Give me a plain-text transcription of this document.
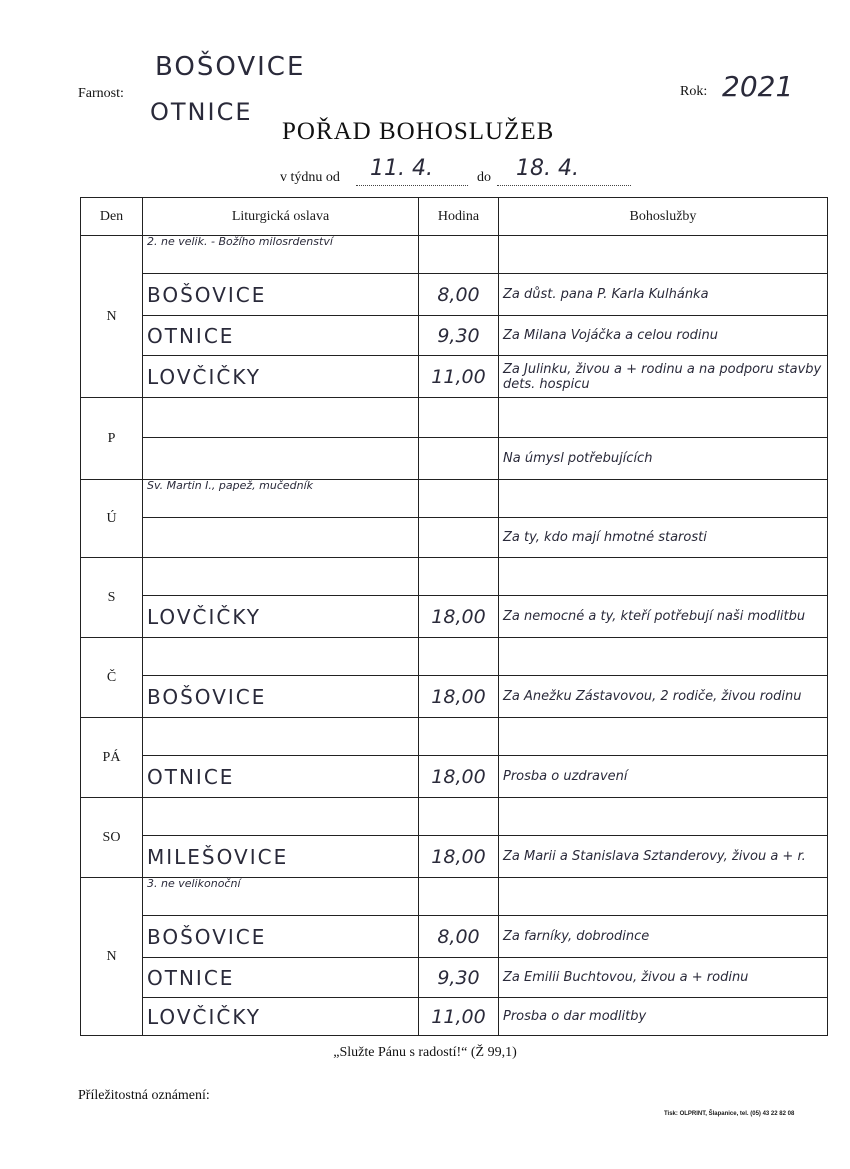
Farnost:
BOŠOVICE
OTNICE
Rok: 2021
POŘAD BOHOSLUŽEB
v týdnu od 11. 4.	do 18. 4.
Den	Liturgická oslava	Hodina	Bohoslužby
N	2. ne velik. - Božího milosrdenství		
	BOŠOVICE	8,00	Za důst. pana P. Karla Kulhánka
	OTNICE	9,30	Za Milana Vojáčka a celou rodinu
	LOVČIČKY	11,00	Za Julinku, živou a + rodinu a na podporu stavby dets. hospicu
P			
			Na úmysl potřebujících
Ú	Sv. Martin I., papež, mučedník		
			Za ty, kdo mají hmotné starosti
S			
	LOVČIČKY	18,00	Za nemocné a ty, kteří potřebují naši modlitbu
Č			
	BOŠOVICE	18,00	Za Anežku Zástavovou, 2 rodiče, živou rodinu
PÁ			
	OTNICE	18,00	Prosba o uzdravení
SO			
	MILEŠOVICE	18,00	Za Marii a Stanislava Sztanderovy, živou a + r.
N	3. ne velikonoční		
	BOŠOVICE	8,00	Za farníky, dobrodince
	OTNICE	9,30	Za Emilii Buchtovou, živou a + rodinu
	LOVČIČKY	11,00	Prosba o dar modlitby
„Služte Pánu s radostí!“ (Ž 99,1)
Příležitostná oznámení:
Tisk: OLPRINT, Šlapanice, tel. (05) 43 22 82 08
